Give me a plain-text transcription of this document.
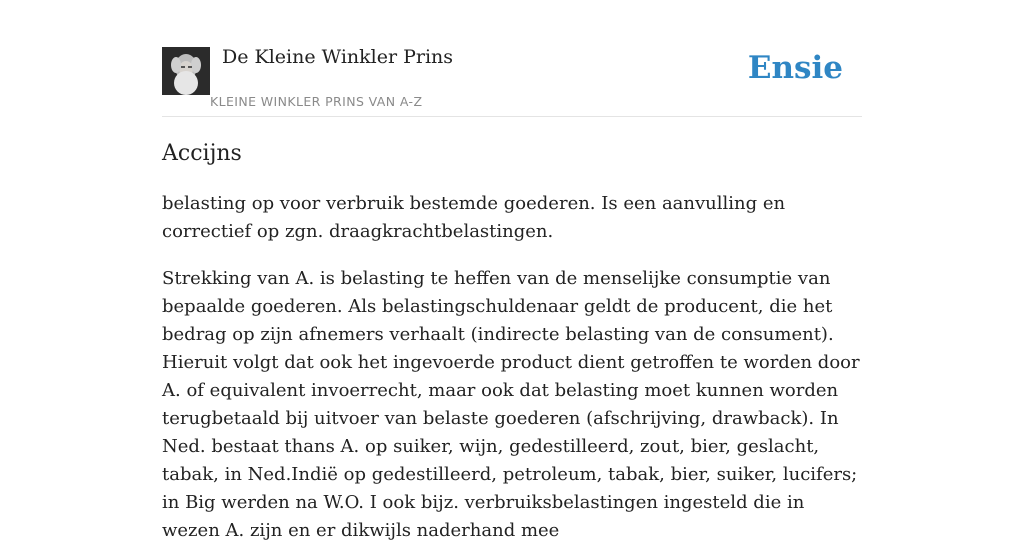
De Kleine Winkler Prins
KLEINE WINKLER PRINS VAN A-Z
Ensie
Accijns

belasting op voor verbruik bestemde goederen. Is een aanvulling en correctief op zgn. draagkrachtbelastingen.

Strekking van A. is belasting te heffen van de menselijke consumptie van bepaalde goederen. Als belastingschuldenaar geldt de producent, die het bedrag op zijn afnemers verhaalt (indirecte belasting van de consument). Hieruit volgt dat ook het ingevoerde product dient getroffen te worden door A. of equivalent invoerrecht, maar ook dat belasting moet kunnen worden terugbetaald bij uitvoer van belaste goederen (afschrijving, drawback). In Ned. bestaat thans A. op suiker, wijn, gedestilleerd, zout, bier, geslacht, tabak, in Ned.Indië op gedestilleerd, petroleum, tabak, bier, suiker, lucifers; in Big werden na W.O. I ook bijz. verbruiksbelastingen ingesteld die in wezen A. zijn en er dikwijls naderhand mee
